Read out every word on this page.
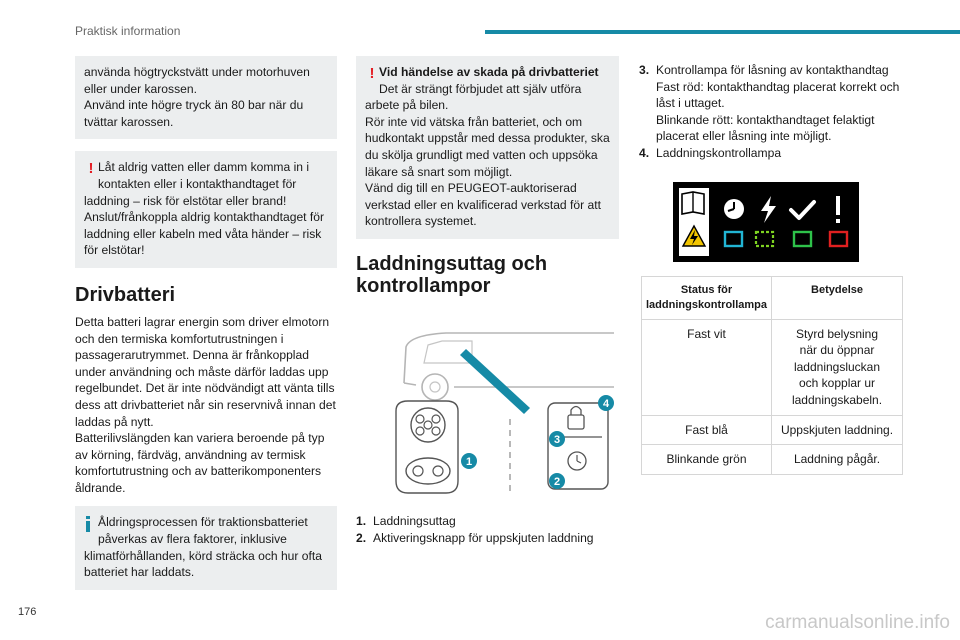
Praktisk information

använda högtryckstvätt under motorhuven

eller under karossen.

Använd inte högre tryck än 80 bar när du

tvättar karossen.

! Låt aldrig vatten eller damm komma in i

kontakten eller i kontakthandtaget för

laddning – risk för elstötar eller brand!

Anslut/frånkoppla aldrig kontakthandtaget för

laddning eller kabeln med våta händer – risk

för elstötar!

Drivbatteri
Detta batteri lagrar energin som driver elmotorn
och den termiska komfortutrustningen i
passagerarutrymmet. Denna är frånkopplad
under användning och måste därför laddas upp
regelbundet. Det är inte nödvändigt att vänta tills
dess att drivbatteriet når sin reservnivå innan det
laddas på nytt.
Batterilivslängden kan variera beroende på typ
av körning, färdväg, användning av termisk
komfortutrustning och av batterikomponenters
åldrande.

Åldringsprocessen för traktionsbatteriet

påverkas av flera faktorer, inklusive

klimatförhållanden, körd sträcka och hur ofta

batteriet har laddats.

! Vid händelse av skada på drivbatteriet

Det är strängt förbjudet att själv utföra

arbete på bilen.

Rör inte vid vätska från batteriet, och om

hudkontakt uppstår med dessa produkter, ska

du skölja grundligt med vatten och uppsöka

läkare så snart som möjligt.

Vänd dig till en PEUGEOT-auktoriserad

verkstad eller en kvalificerad verkstad för att

kontrollera systemet.

Laddningsuttag och
kontrollampor
1
2
3
4
1. Laddningsuttag
2. Aktiveringsknapp för uppskjuten laddning
3. Kontrollampa för låsning av kontakthandtag
Fast röd: kontakthandtag placerat korrekt och
låst i uttaget.
Blinkande rött: kontakthandtaget felaktigt
placerat eller låsning inte möjligt.
4. Laddningskontrollampa
Status för
laddningskontrollampa	Betydelse
Fast vit	Styrd belysning
när du öppnar
laddningsluckan
och kopplar ur
laddningskabeln.

Fast blå	Uppskjuten laddning.
Blinkande grön	Laddning pågår.
176	carmanualsonline.info
